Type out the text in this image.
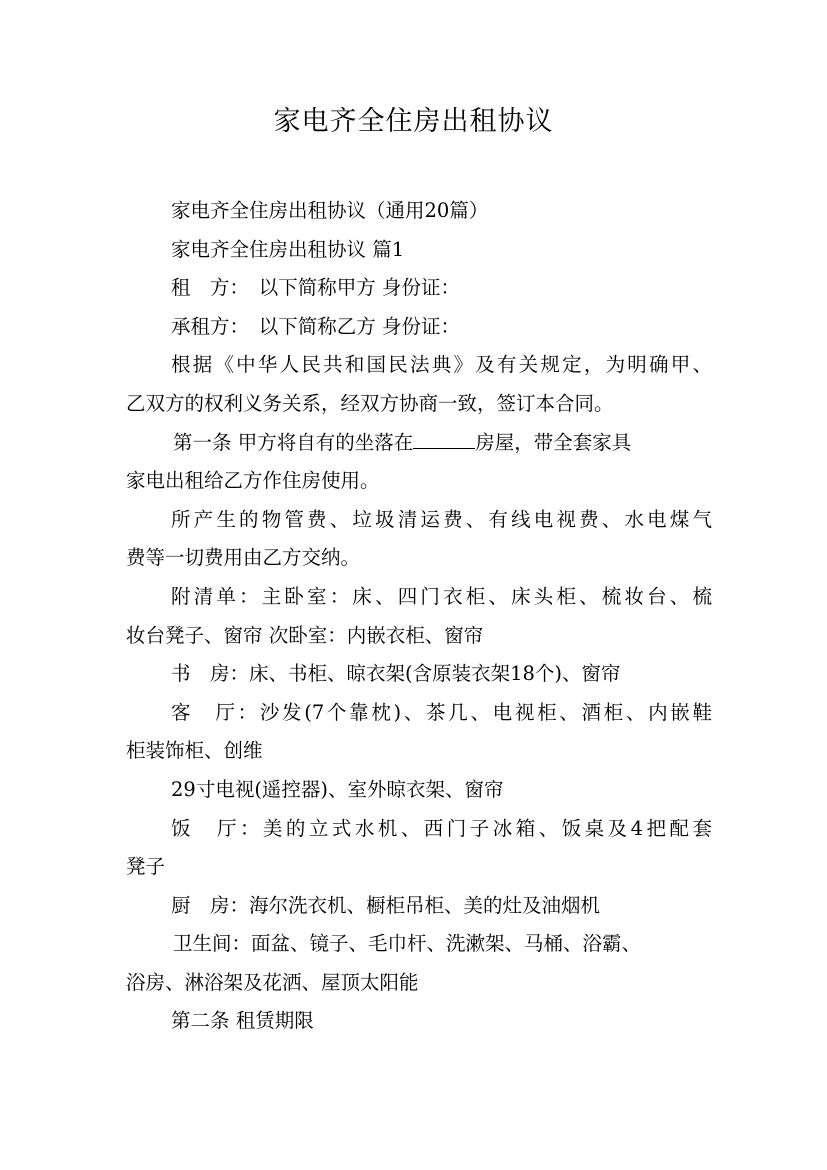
家电齐全住房出租协议
家电齐全住房出租协议（通用20篇）
家电齐全住房出租协议 篇1
租　方：　以下简称甲方 身份证：
承租方：　以下简称乙方 身份证：
根据《中华人民共和国民法典》及有关规定，为明确甲、
乙双方的权利义务关系，经双方协商一致，签订本合同。
第一条 甲方将自有的坐落在	房屋，带全套家具
家电出租给乙方作住房使用。
所产生的物管费、垃圾清运费、有线电视费、水电煤气
费等一切费用由乙方交纳。
附清单：主卧室：床、四门衣柜、床头柜、梳妆台、梳
妆台凳子、窗帘 次卧室：内嵌衣柜、窗帘
书　房：床、书柜、晾衣架(含原装衣架18个)、窗帘
客　厅：沙发(7个靠枕)、茶几、电视柜、酒柜、内嵌鞋
柜装饰柜、创维
29寸电视(遥控器)、室外晾衣架、窗帘
饭　厅：美的立式水机、西门子冰箱、饭桌及4把配套
凳子
厨　房：海尔洗衣机、橱柜吊柜、美的灶及油烟机
卫生间：面盆、镜子、毛巾杆、洗漱架、马桶、浴霸、
浴房、淋浴架及花洒、屋顶太阳能
第二条 租赁期限
